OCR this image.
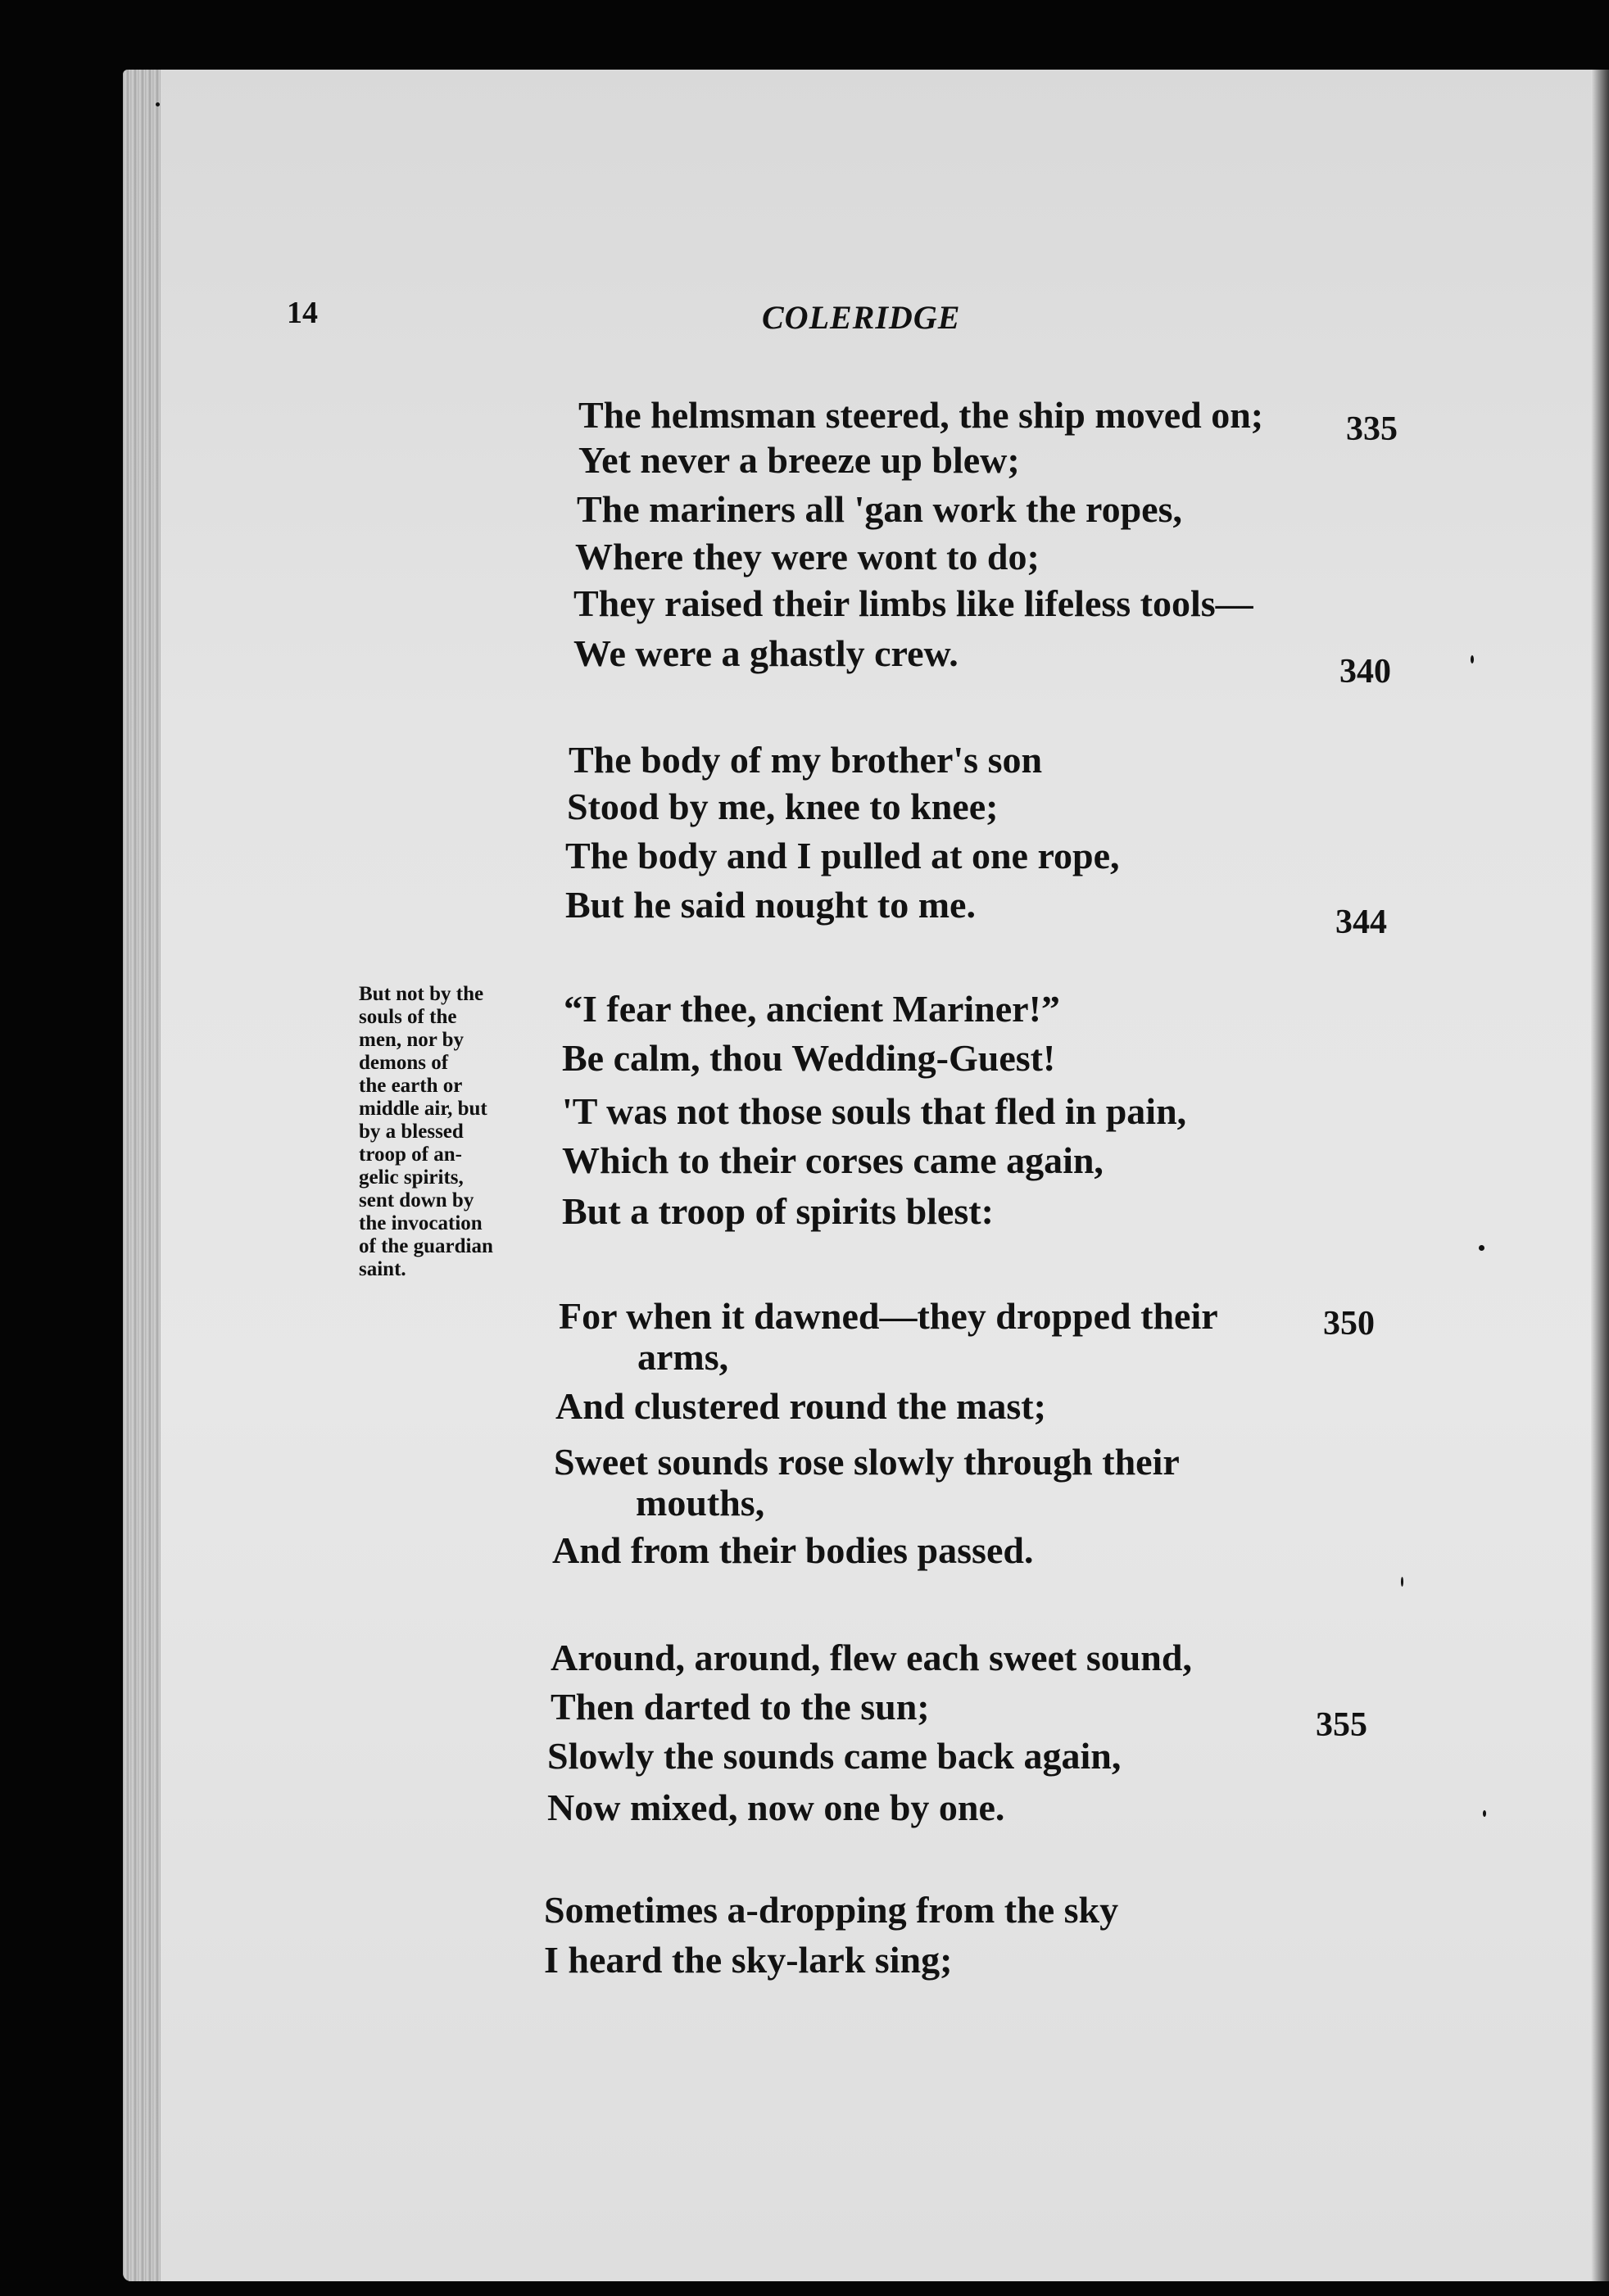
14	COLERIDGE
But not by the
souls of the
men, nor by
demons of
the earth or
middle air, but
by a blessed
troop of an-
gelic spirits,
sent down by
the invocation
of the guardian
saint.
The helmsman steered, the ship moved on;
Yet never a breeze up blew;
The mariners all 'gan work the ropes,
Where they were wont to do;
They raised their limbs like lifeless tools—
We were a ghastly crew.
335
340
The body of my brother's son
Stood by me, knee to knee;
The body and I pulled at one rope,
But he said nought to me.	344
“I fear thee, ancient Mariner!”
Be calm, thou Wedding-Guest!
'T was not those souls that fled in pain,
Which to their corses came again,
But a troop of spirits blest:
For when it dawned—they dropped their
arms,
And clustered round the mast;
Sweet sounds rose slowly through their
mouths,
And from their bodies passed.
350
Around, around, flew each sweet sound,
Then darted to the sun;
Slowly the sounds came back again,
Now mixed, now one by one.
355
Sometimes a-dropping from the sky
I heard the sky-lark sing;
